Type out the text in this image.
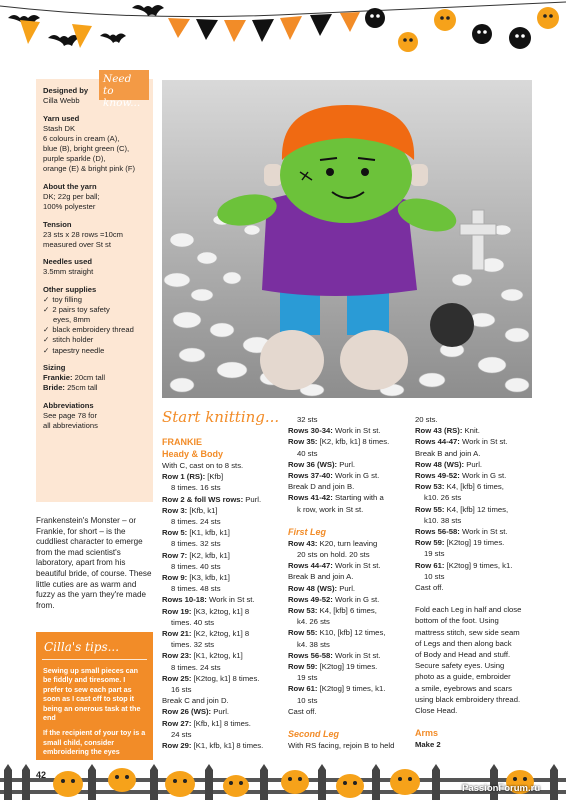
Need to know...
Designed by
Cilla Webb
Yarn used
Stash DK
6 colours in cream (A),
blue (B), bright green (C),
purple sparkle (D),
orange (E) & bright pink (F)
About the yarn
DK; 22g per ball;
100% polyester
Tension
23 sts x 28 rows =10cm
measured over St st
Needles used
3.5mm straight
Other supplies
✓ toy filling
✓ 2 pairs toy safety
eyes, 8mm
✓ black embroidery thread
✓ stitch holder
✓ tapestry needle
Sizing
Frankie: 20cm tall
Bride: 25cm tall
Abbreviations
See page 78 for
all abbreviations
Frankenstein's Monster – or Frankie, for short – is the cuddliest character to emerge from the mad scientist's laboratory, apart from his beautiful bride, of course. These little cuties are as warm and fuzzy as the yarn they're made from.
Cilla's tips...

Sewing up small pieces can be fiddly and tiresome. I prefer to sew each part as soon as I cast off to stop it being an onerous task at the end

If the recipient of your toy is a small child, consider embroidering the eyes

Start knitting...
FRANKIE
Heady & Body
With C, cast on to 8 sts.
Row 1 (RS): [Kfb]
8 times. 16 sts
Row 2 & foll WS rows: Purl.
Row 3: [Kfb, k1]
8 times. 24 sts
Row 5: [K1, kfb, k1]
8 times. 32 sts
Row 7: [K2, kfb, k1]
8 times. 40 sts
Row 9: [K3, kfb, k1]
8 times. 48 sts
Rows 10-18: Work in St st.
Row 19: [K3, k2tog, k1] 8
times. 40 sts
Row 21: [K2, k2tog, k1] 8
times. 32 sts
Row 23: [K1, k2tog, k1]
8 times. 24 sts
Row 25: [K2tog, k1] 8 times.
16 sts
Break C and join D.
Row 26 (WS): Purl.
Row 27: [Kfb, k1] 8 times.
24 sts
Row 29: [K1, kfb, k1] 8 times.
32 sts
Rows 30-34: Work in St st.
Row 35: [K2, kfb, k1] 8 times.
40 sts
Row 36 (WS): Purl.
Rows 37-40: Work in G st.
Break D and join B.
Rows 41-42: Starting with a
k row, work in St st.
First Leg
Row 43: K20, turn leaving
20 sts on hold. 20 sts
Rows 44-47: Work in St st.
Break B and join A.
Row 48 (WS): Purl.
Rows 49-52: Work in G st.
Row 53: K4, [kfb] 6 times,
k4. 26 sts
Row 55: K10, [kfb] 12 times,
k4. 38 sts
Rows 56-58: Work in St st.
Row 59: [K2tog] 19 times.
19 sts
Row 61: [K2tog] 9 times, k1.
10 sts
Cast off.
Second Leg
With RS facing, rejoin B to held
20 sts.
Row 43 (RS): Knit.
Rows 44-47: Work in St st.
Break B and join A.
Row 48 (WS): Purl.
Rows 49-52: Work in G st.
Row 53: K4, [kfb] 6 times,
k10. 26 sts
Row 55: K4, [kfb] 12 times,
k10. 38 sts
Rows 56-58: Work in St st.
Row 59: [K2tog] 19 times.
19 sts
Row 61: [K2tog] 9 times, k1.
10 sts
Cast off.
Fold each Leg in half and close
bottom of the foot. Using
mattress stitch, sew side seam
of Legs and then along back
of Body and Head and stuff.
Secure safety eyes. Using
photo as a guide, embroider
a smile, eyebrows and scars
using black embroidery thread.
Close Head.
Arms
Make 2
42
PassionForum.ru
